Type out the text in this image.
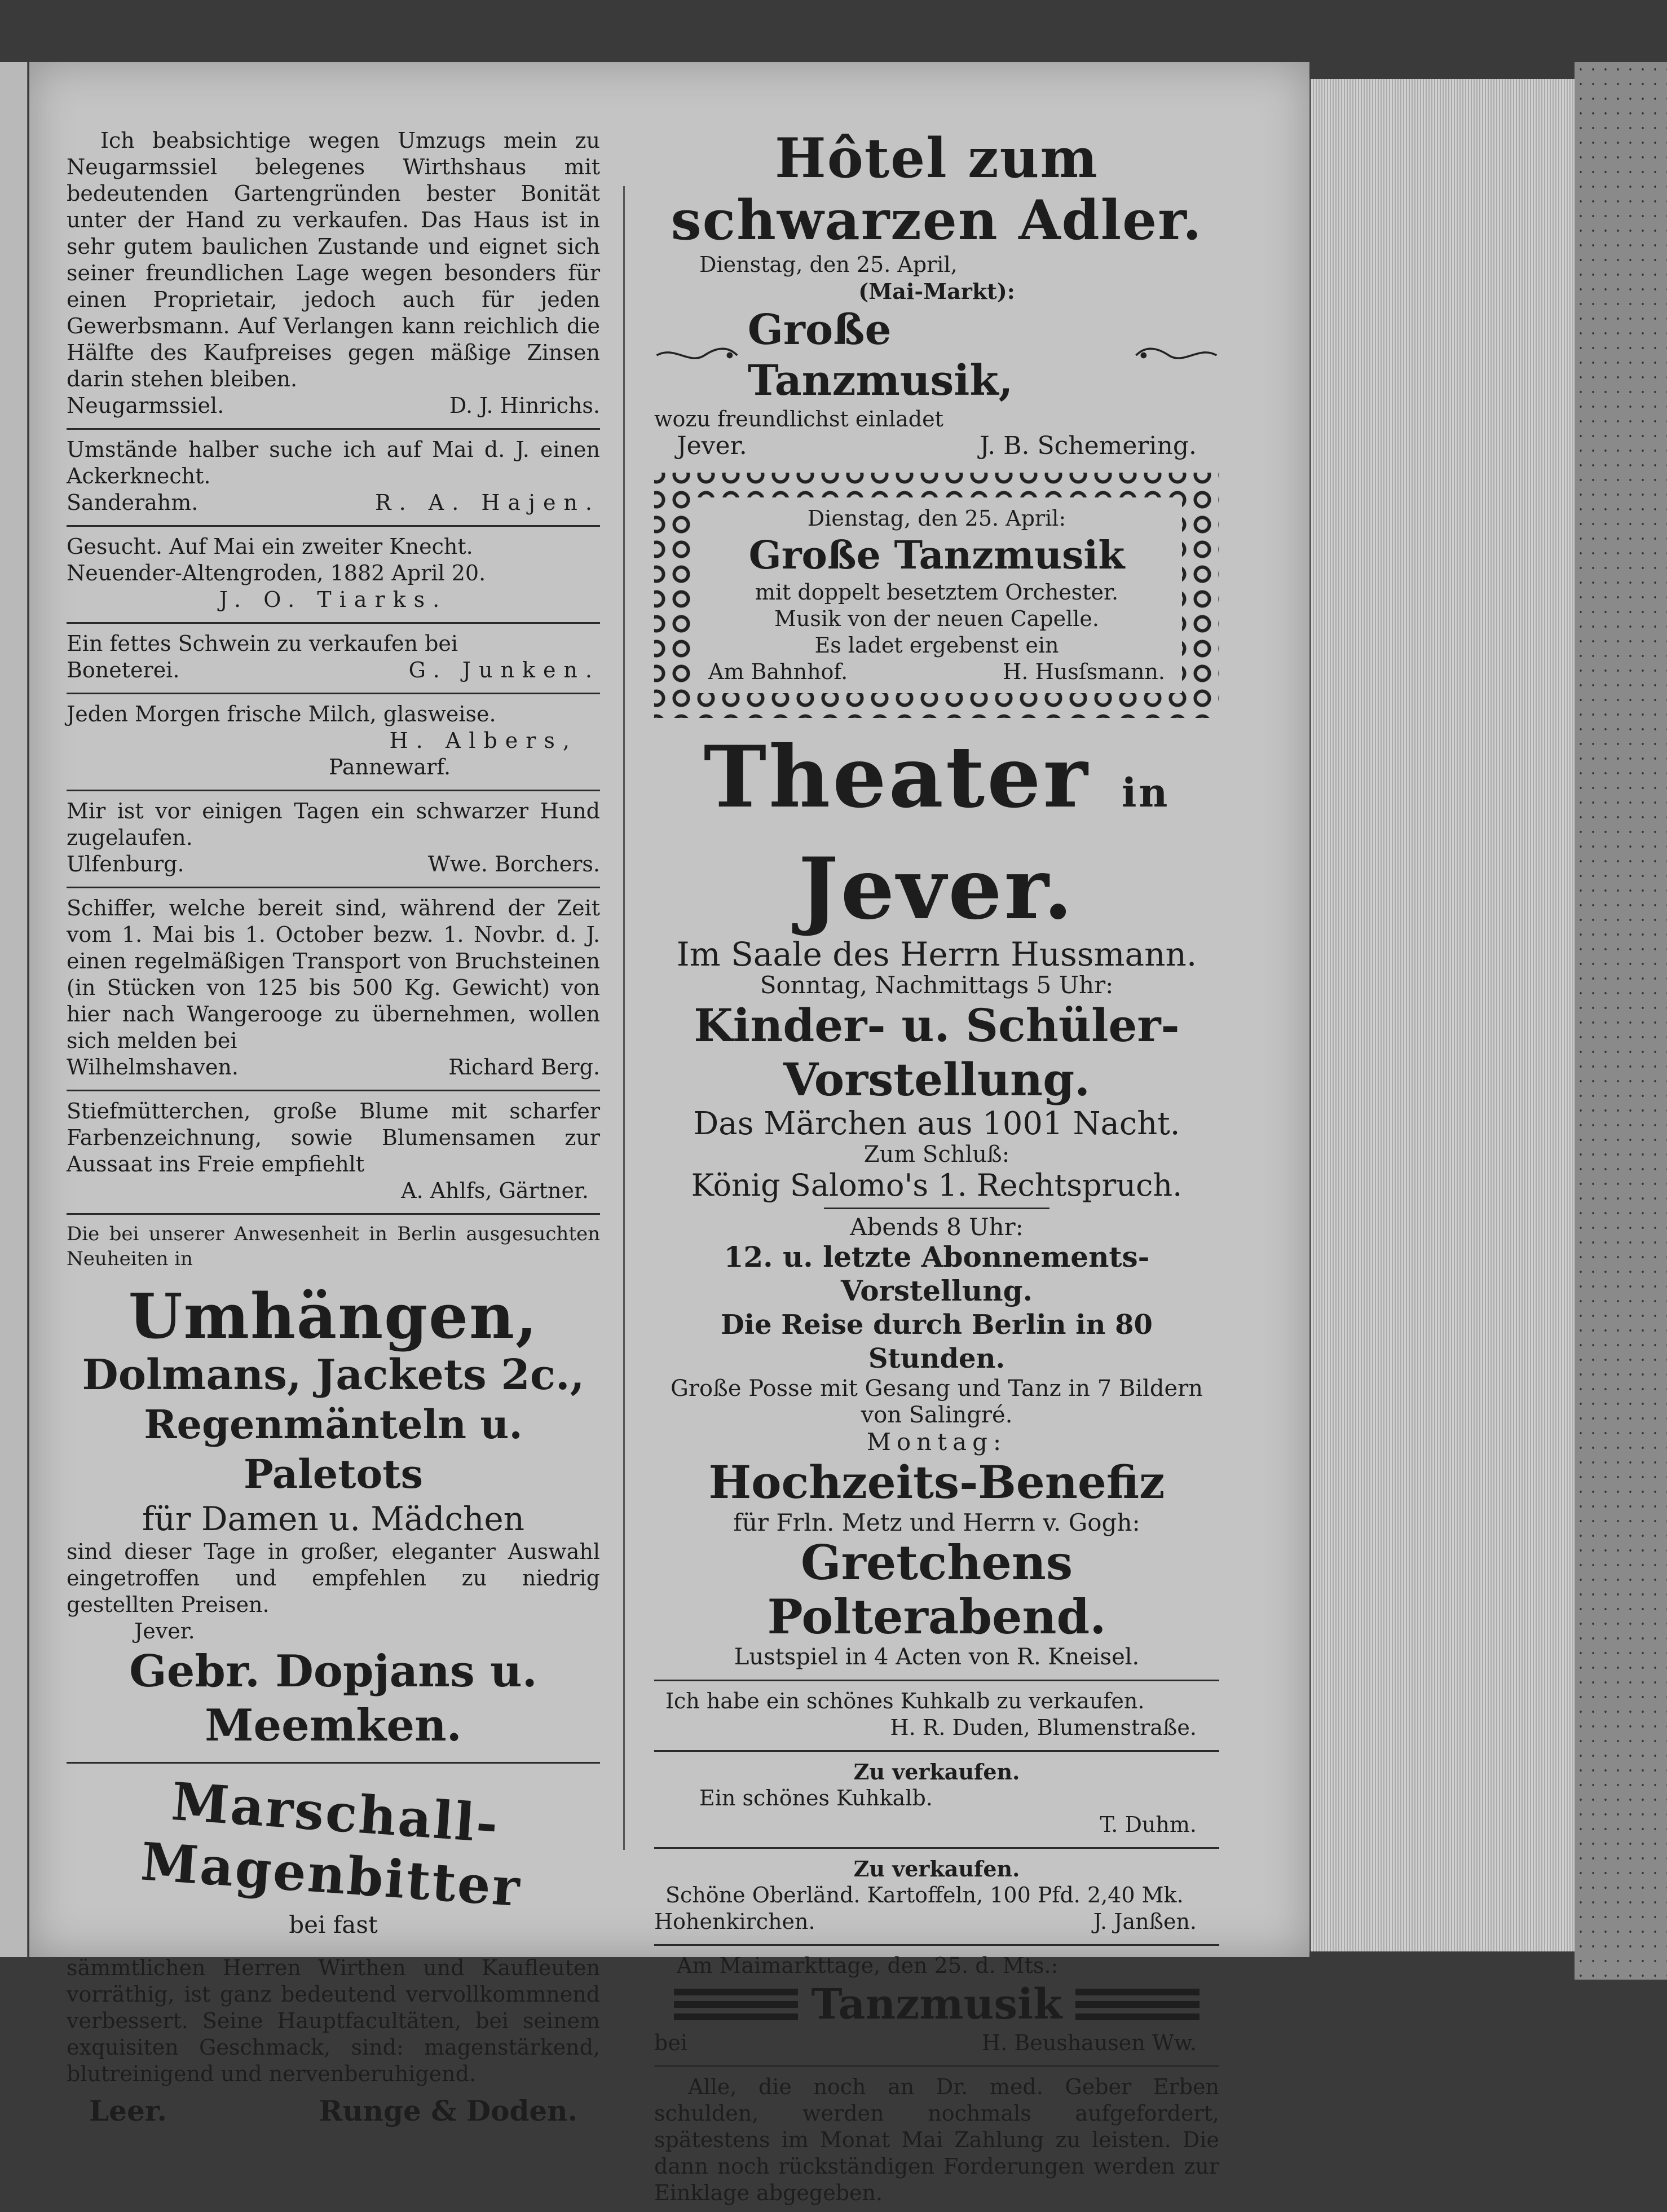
Ich beabsichtige wegen Umzugs mein zu Neugarmssiel belegenes Wirthshaus mit bedeutenden Gartengründen bester Bonität unter der Hand zu verkaufen. Das Haus ist in sehr gutem baulichen Zustande und eignet sich seiner freundlichen Lage wegen besonders für einen Proprietair, jedoch auch für jeden Gewerbsmann. Auf Verlangen kann reichlich die Hälfte des Kaufpreises gegen mäßige Zinsen darin stehen bleiben.

Neugarmssiel.	D. J. Hinrichs.

Umstände halber suche ich auf Mai d. J. einen Ackerknecht.

Sanderahm.	R. A. Hajen.

Gesucht. Auf Mai ein zweiter Knecht.

Neuender-Altengroden, 1882 April 20.

J. O. Tiarks.

Ein fettes Schwein zu verkaufen bei

Boneterei.	G. Junken.

Jeden Morgen frische Milch, glasweise.

H. Albers,
Pannewarf.

Mir ist vor einigen Tagen ein schwarzer Hund zugelaufen.

Ulfenburg.	Wwe. Borchers.

Schiffer, welche bereit sind, während der Zeit vom 1. Mai bis 1. October bezw. 1. Novbr. d. J. einen regelmäßigen Transport von Bruchsteinen (in Stücken von 125 bis 500 Kg. Gewicht) von hier nach Wangerooge zu übernehmen, wollen sich melden bei

Wilhelmshaven.	Richard Berg.

Stiefmütterchen, große Blume mit scharfer Farbenzeichnung, sowie Blumensamen zur Aussaat ins Freie empfiehlt

A. Ahlfs, Gärtner.

Die bei unserer Anwesenheit in Berlin ausgesuchten Neuheiten in

Umhängen,
Dolmans, Jackets 2c.,
Regenmänteln u. Paletots
für Damen u. Mädchen

sind dieser Tage in großer, eleganter Auswahl eingetroffen und empfehlen zu niedrig gestellten Preisen.

Jever.
Gebr. Dopjans u. Meemken.
Marschall-Magenbitter
bei fast

sämmtlichen Herren Wirthen und Kaufleuten vorräthig, ist ganz bedeutend vervollkommnend verbessert. Seine Hauptfacultäten, bei seinem exquisiten Geschmack, sind: magenstärkend, blutreinigend und nervenberuhigend.

Leer.	Runge & Doden.
Hôtel zum schwarzen Adler.
Dienstag, den 25. April,
(Mai-Markt):
Große Tanzmusik,

wozu freundlichst einladet

Jever.	J. B. Schemering.
Dienstag, den 25. April:
Große Tanzmusik
mit doppelt besetztem Orchester.
Musik von der neuen Capelle.
Es ladet ergebenst ein
Am Bahnhof.	H. Husſsmann.
Theater in Jever.
Im Saale des Herrn Hussmann.
Sonntag, Nachmittags 5 Uhr:
Kinder- u. Schüler-
Vorstellung.
Das Märchen aus 1001 Nacht.
Zum Schluß:
König Salomo's 1. Rechtspruch.
Abends 8 Uhr:
12. u. letzte Abonnements-Vorstellung.
Die Reise durch Berlin in 80 Stunden.
Große Posse mit Gesang und Tanz in 7 Bildern
von Salingré.
Montag:
Hochzeits-Benefiz
für Frln. Metz und Herrn v. Gogh:
Gretchens Polterabend.
Lustspiel in 4 Acten von R. Kneisel.

Ich habe ein schönes Kuhkalb zu verkaufen.

H. R. Duden, Blumenstraße.
Zu verkaufen.

Ein schönes Kuhkalb.

T. Duhm.
Zu verkaufen.

Schöne Oberländ. Kartoffeln, 100 Pfd. 2,40 Mk.

Hohenkirchen.	J. Janßen.

Am Maimarkttage, den 25. d. Mts.:

Tanzmusik
bei	H. Beushausen Ww.

Alle, die noch an Dr. med. Geber Erben schulden, werden nochmals aufgefordert, spätestens im Monat Mai Zahlung zu leisten. Die dann noch rückständigen Forderungen werden zur Einklage abgegeben.
